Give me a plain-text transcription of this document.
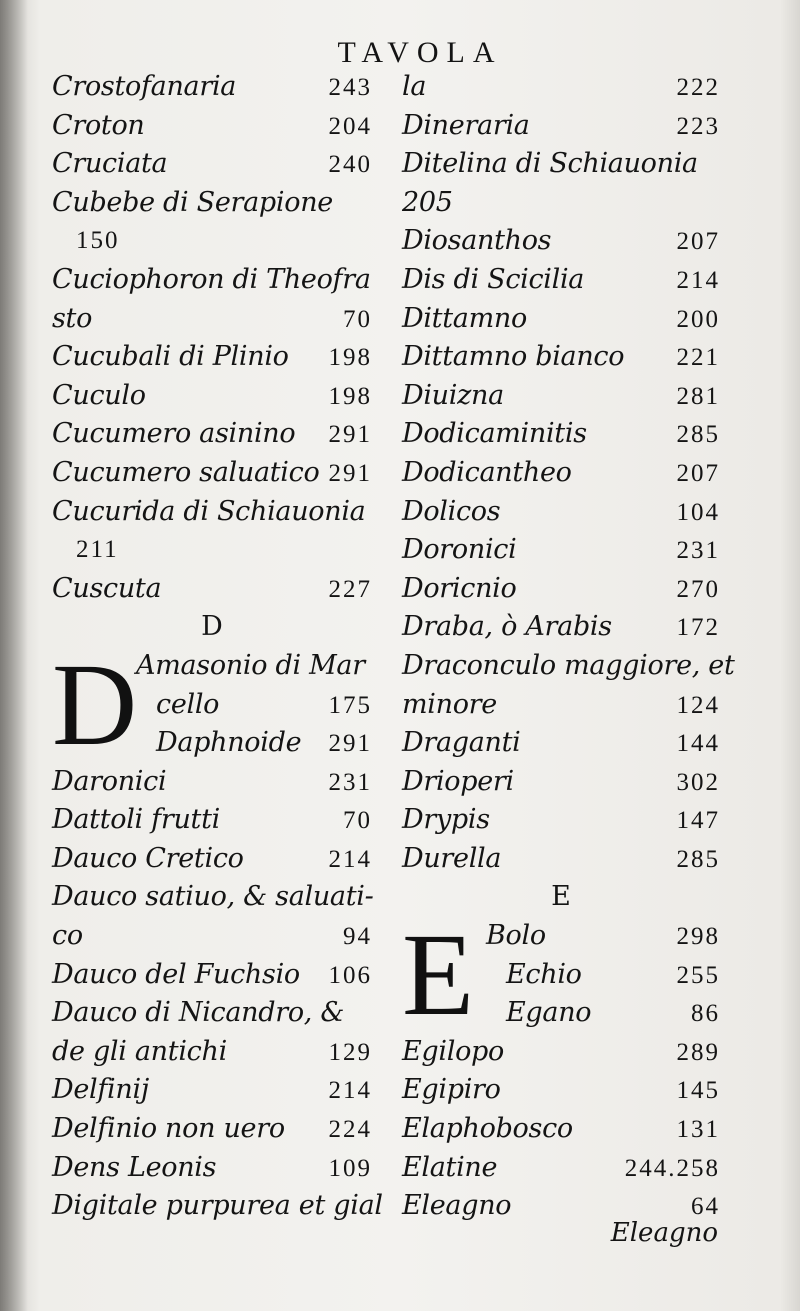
TAVOLA
Crostofanaria	243
Croton	204
Cruciata	240
Cubebe di Serapione
150
Cuciophoron di Theofra
sto	70
Cucubali di Plinio 198
Cuculo	198
Cucumero asinino 291
Cucumero saluatico 291
Cucurida di Schiauonia
211
Cuscuta	227
D
D
Amasonio di Mar
cello	175
Daphnoide 291
Daronici	231
Dattoli frutti	70
Dauco Cretico	214
Dauco satiuo, & saluati-
co	94
Dauco del Fuchsio 106
Dauco di Nicandro, &
de gli antichi	129
Delfinij	214
Delfinio non uero 224
Dens Leonis	109
Digitale purpurea et gial
la	222
Dineraria	223
Ditelina di Schiauonia
205
Diosanthos	207
Dis di Scicilia	214
Dittamno	200
Dittamno bianco 221
Diuizna	281
Dodicaminitis	285
Dodicantheo	207
Dolicos	104
Doronici	231
Doricnio	270
Draba, ò Arabis	172
Draconculo maggiore, et
minore	124
Draganti	144
Drioperi	302
Drypis	147
Durella	285
E
E Bolo	298
Echio	255
Egano	86
Egilopo	289
Egipiro	145
Elaphobosco	131
Elatine	244.258
Eleagno	64
Eleagno
